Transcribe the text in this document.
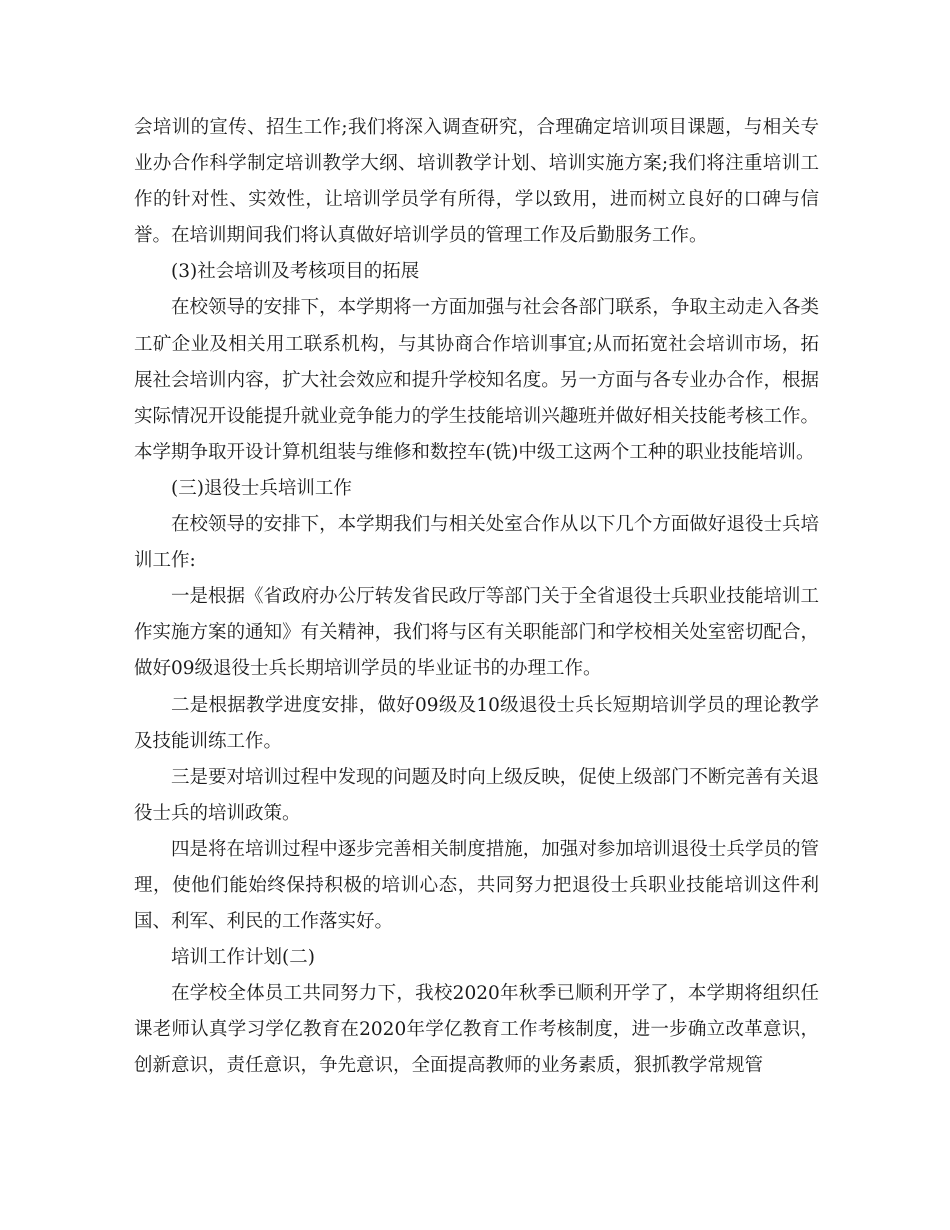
会培训的宣传、招生工作;我们将深入调查研究，合理确定培训项目课题，与相关专业办合作科学制定培训教学大纲、培训教学计划、培训实施方案;我们将注重培训工作的针对性、实效性，让培训学员学有所得，学以致用，进而树立良好的口碑与信誉。在培训期间我们将认真做好培训学员的管理工作及后勤服务工作。

(3)社会培训及考核项目的拓展

在校领导的安排下，本学期将一方面加强与社会各部门联系，争取主动走入各类工矿企业及相关用工联系机构，与其协商合作培训事宜;从而拓宽社会培训市场，拓展社会培训内容，扩大社会效应和提升学校知名度。另一方面与各专业办合作，根据实际情况开设能提升就业竞争能力的学生技能培训兴趣班并做好相关技能考核工作。本学期争取开设计算机组装与维修和数控车(铣)中级工这两个工种的职业技能培训。

(三)退役士兵培训工作

在校领导的安排下，本学期我们与相关处室合作从以下几个方面做好退役士兵培训工作:

一是根据《省政府办公厅转发省民政厅等部门关于全省退役士兵职业技能培训工作实施方案的通知》有关精神，我们将与区有关职能部门和学校相关处室密切配合，做好09级退役士兵长期培训学员的毕业证书的办理工作。

二是根据教学进度安排，做好09级及10级退役士兵长短期培训学员的理论教学及技能训练工作。

三是要对培训过程中发现的问题及时向上级反映，促使上级部门不断完善有关退役士兵的培训政策。

四是将在培训过程中逐步完善相关制度措施，加强对参加培训退役士兵学员的管理，使他们能始终保持积极的培训心态，共同努力把退役士兵职业技能培训这件利国、利军、利民的工作落实好。

培训工作计划(二)

在学校全体员工共同努力下，我校2020年秋季已顺利开学了，本学期将组织任课老师认真学习学亿教育在2020年学亿教育工作考核制度，进一步确立改革意识，创新意识，责任意识，争先意识，全面提高教师的业务素质，狠抓教学常规管
